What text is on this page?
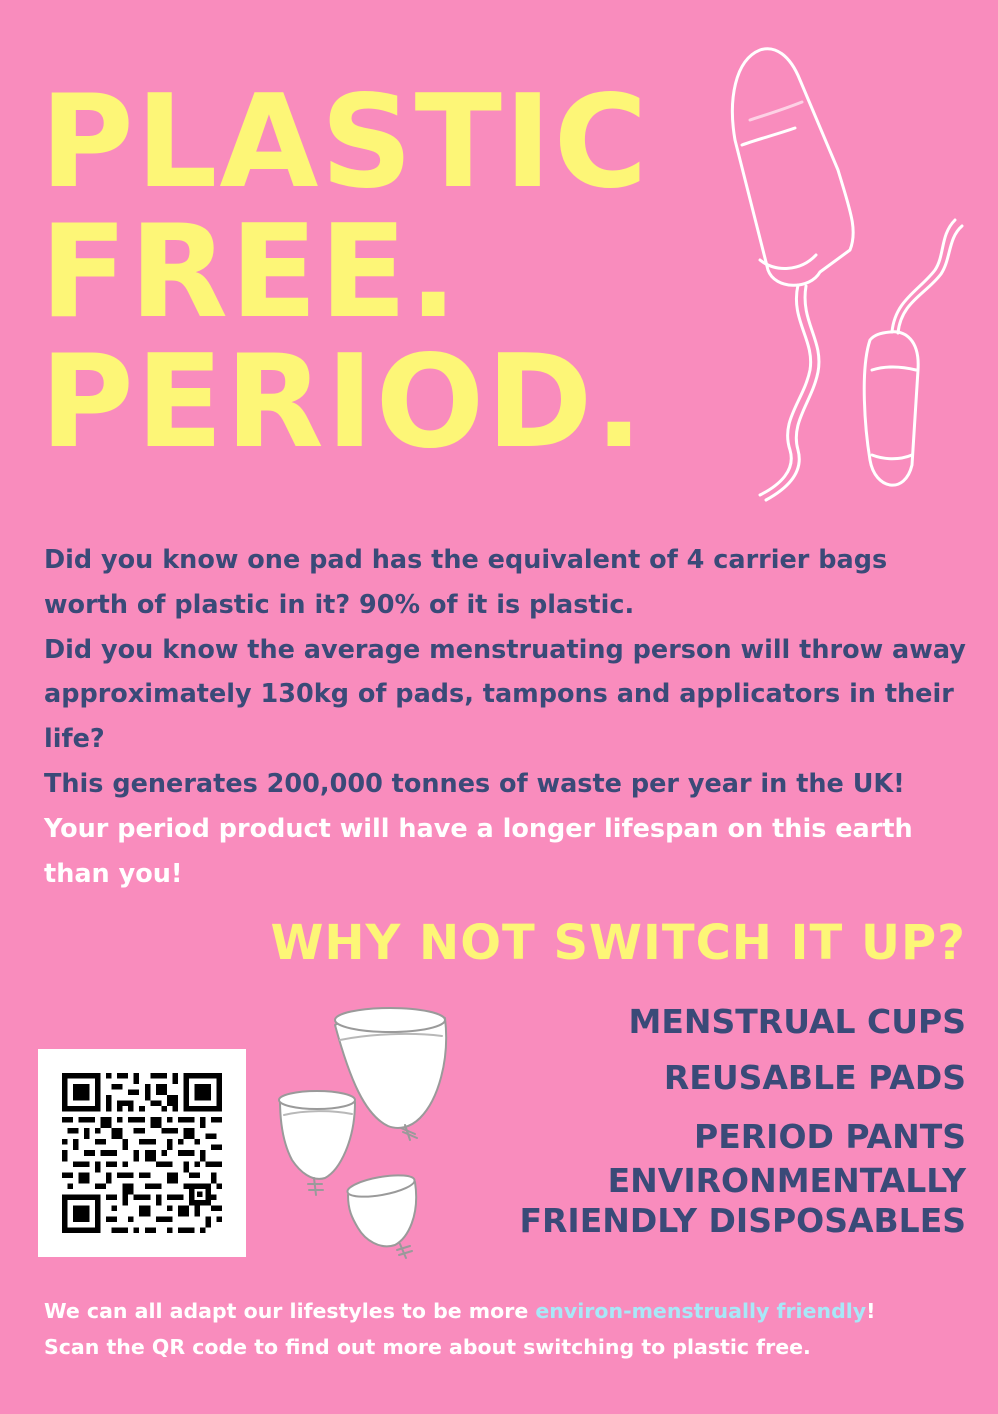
PLASTIC
FREE.
PERIOD.

Did you know one pad has the equivalent of 4 carrier bags worth of plastic in it? 90% of it is plastic.

Did you know the average menstruating person will throw away approximately 130kg of pads, tampons and applicators in their life?

This generates 200,000 tonnes of waste per year in the UK!

Your period product will have a longer lifespan on this earth than you!

WHY NOT SWITCH IT UP?
MENSTRUAL CUPS
REUSABLE PADS
PERIOD PANTS
ENVIRONMENTALLY
FRIENDLY DISPOSABLES

We can all adapt our lifestyles to be more environ-menstrually friendly!

Scan the QR code to find out more about switching to plastic free.
